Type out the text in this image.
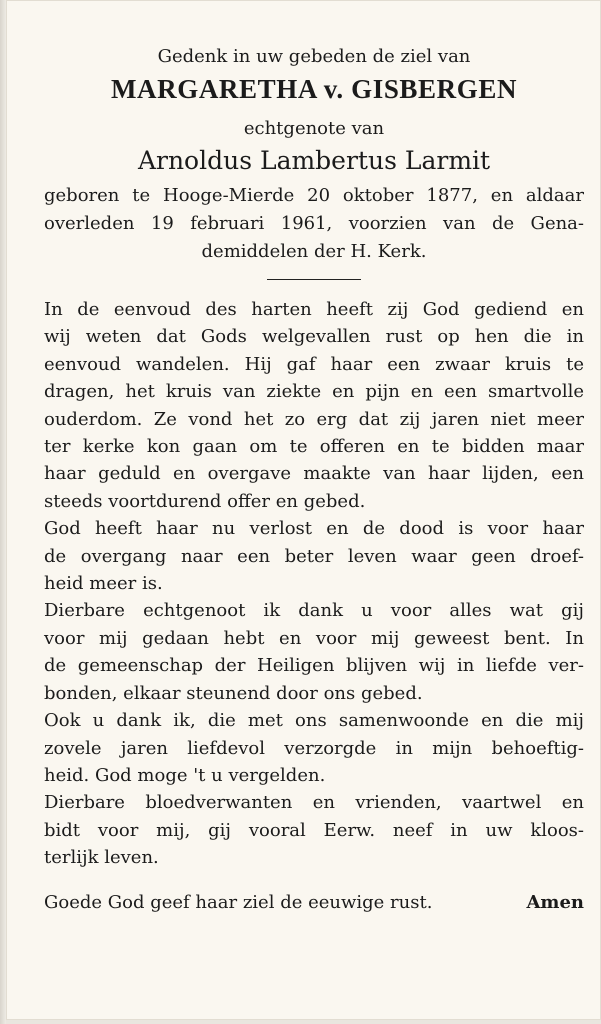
Gedenk in uw gebeden de ziel van

MARGARETHA v. GISBERGEN

echtgenote van

Arnoldus Lambertus Larmit

geboren te Hooge-Mierde 20 oktober 1877, en aldaar

overleden 19 februari 1961, voorzien van de Gena-

demiddelen der H. Kerk.

In de eenvoud des harten heeft zij God gediend en

wij weten dat Gods welgevallen rust op hen die in

eenvoud wandelen. Hij gaf haar een zwaar kruis te

dragen, het kruis van ziekte en pijn en een smartvolle

ouderdom. Ze vond het zo erg dat zij jaren niet meer

ter kerke kon gaan om te offeren en te bidden maar

haar geduld en overgave maakte van haar lijden, een

steeds voortdurend offer en gebed.

God heeft haar nu verlost en de dood is voor haar

de overgang naar een beter leven waar geen droef-

heid meer is.

Dierbare echtgenoot ik dank u voor alles wat gij

voor mij gedaan hebt en voor mij geweest bent. In

de gemeenschap der Heiligen blijven wij in liefde ver-

bonden, elkaar steunend door ons gebed.

Ook u dank ik, die met ons samenwoonde en die mij

zovele jaren liefdevol verzorgde in mijn behoeftig-

heid. God moge 't u vergelden.

Dierbare bloedverwanten en vrienden, vaartwel en

bidt voor mij, gij vooral Eerw. neef in uw kloos-

terlijk leven.

Goede God geef haar ziel de eeuwige rust.	Amen
